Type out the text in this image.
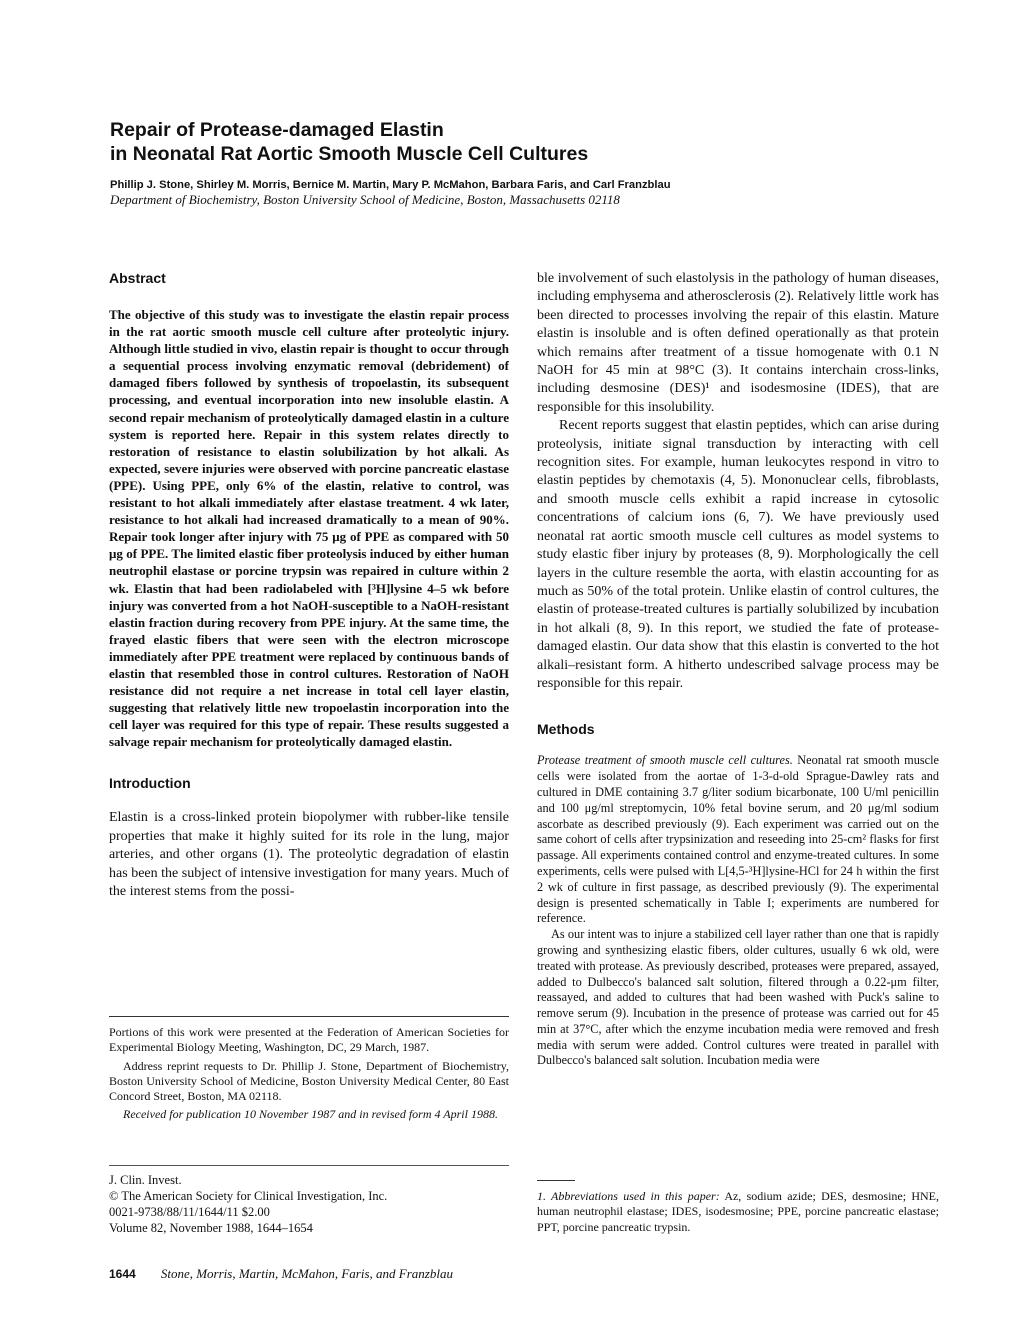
Repair of Protease-damaged Elastin
in Neonatal Rat Aortic Smooth Muscle Cell Cultures
Phillip J. Stone, Shirley M. Morris, Bernice M. Martin, Mary P. McMahon, Barbara Faris, and Carl Franzblau
Department of Biochemistry, Boston University School of Medicine, Boston, Massachusetts 02118
Abstract

The objective of this study was to investigate the elastin repair process in the rat aortic smooth muscle cell culture after proteolytic injury. Although little studied in vivo, elastin repair is thought to occur through a sequential process involving enzymatic removal (debridement) of damaged fibers followed by synthesis of tropoelastin, its subsequent processing, and eventual incorporation into new insoluble elastin. A second repair mechanism of proteolytically damaged elastin in a culture system is reported here. Repair in this system relates directly to restoration of resistance to elastin solubilization by hot alkali. As expected, severe injuries were observed with porcine pancreatic elastase (PPE). Using PPE, only 6% of the elastin, relative to control, was resistant to hot alkali immediately after elastase treatment. 4 wk later, resistance to hot alkali had increased dramatically to a mean of 90%. Repair took longer after injury with 75 μg of PPE as compared with 50 μg of PPE. The limited elastic fiber proteolysis induced by either human neutrophil elastase or porcine trypsin was repaired in culture within 2 wk. Elastin that had been radiolabeled with [³H]lysine 4–5 wk before injury was converted from a hot NaOH-susceptible to a NaOH-resistant elastin fraction during recovery from PPE injury. At the same time, the frayed elastic fibers that were seen with the electron microscope immediately after PPE treatment were replaced by continuous bands of elastin that resembled those in control cultures. Restoration of NaOH resistance did not require a net increase in total cell layer elastin, suggesting that relatively little new tropoelastin incorporation into the cell layer was required for this type of repair. These results suggested a salvage repair mechanism for proteolytically damaged elastin.

Introduction

Elastin is a cross-linked protein biopolymer with rubber-like tensile properties that make it highly suited for its role in the lung, major arteries, and other organs (1). The proteolytic degradation of elastin has been the subject of intensive investigation for many years. Much of the interest stems from the possi-

Portions of this work were presented at the Federation of American Societies for Experimental Biology Meeting, Washington, DC, 29 March, 1987.

Address reprint requests to Dr. Phillip J. Stone, Department of Biochemistry, Boston University School of Medicine, Boston University Medical Center, 80 East Concord Street, Boston, MA 02118.

Received for publication 10 November 1987 and in revised form 4 April 1988.

J. Clin. Invest.
© The American Society for Clinical Investigation, Inc.
0021-9738/88/11/1644/11 $2.00
Volume 82, November 1988, 1644–1654

ble involvement of such elastolysis in the pathology of human diseases, including emphysema and atherosclerosis (2). Relatively little work has been directed to processes involving the repair of this elastin. Mature elastin is insoluble and is often defined operationally as that protein which remains after treatment of a tissue homogenate with 0.1 N NaOH for 45 min at 98°C (3). It contains interchain cross-links, including desmosine (DES)¹ and isodesmosine (IDES), that are responsible for this insolubility.

Recent reports suggest that elastin peptides, which can arise during proteolysis, initiate signal transduction by interacting with cell recognition sites. For example, human leukocytes respond in vitro to elastin peptides by chemotaxis (4, 5). Mononuclear cells, fibroblasts, and smooth muscle cells exhibit a rapid increase in cytosolic concentrations of calcium ions (6, 7). We have previously used neonatal rat aortic smooth muscle cell cultures as model systems to study elastic fiber injury by proteases (8, 9). Morphologically the cell layers in the culture resemble the aorta, with elastin accounting for as much as 50% of the total protein. Unlike elastin of control cultures, the elastin of protease-treated cultures is partially solubilized by incubation in hot alkali (8, 9). In this report, we studied the fate of protease-damaged elastin. Our data show that this elastin is converted to the hot alkali–resistant form. A hitherto undescribed salvage process may be responsible for this repair.

Methods

Protease treatment of smooth muscle cell cultures. Neonatal rat smooth muscle cells were isolated from the aortae of 1-3-d-old Sprague-Dawley rats and cultured in DME containing 3.7 g/liter sodium bicarbonate, 100 U/ml penicillin and 100 μg/ml streptomycin, 10% fetal bovine serum, and 20 μg/ml sodium ascorbate as described previously (9). Each experiment was carried out on the same cohort of cells after trypsinization and reseeding into 25-cm² flasks for first passage. All experiments contained control and enzyme-treated cultures. In some experiments, cells were pulsed with L[4,5-³H]lysine-HCl for 24 h within the first 2 wk of culture in first passage, as described previously (9). The experimental design is presented schematically in Table I; experiments are numbered for reference.

As our intent was to injure a stabilized cell layer rather than one that is rapidly growing and synthesizing elastic fibers, older cultures, usually 6 wk old, were treated with protease. As previously described, proteases were prepared, assayed, added to Dulbecco's balanced salt solution, filtered through a 0.22-μm filter, reassayed, and added to cultures that had been washed with Puck's saline to remove serum (9). Incubation in the presence of protease was carried out for 45 min at 37°C, after which the enzyme incubation media were removed and fresh media with serum were added. Control cultures were treated in parallel with Dulbecco's balanced salt solution. Incubation media were

1. Abbreviations used in this paper: Az, sodium azide; DES, desmosine; HNE, human neutrophil elastase; IDES, isodesmosine; PPE, porcine pancreatic elastase; PPT, porcine pancreatic trypsin.
1644 Stone, Morris, Martin, McMahon, Faris, and Franzblau
